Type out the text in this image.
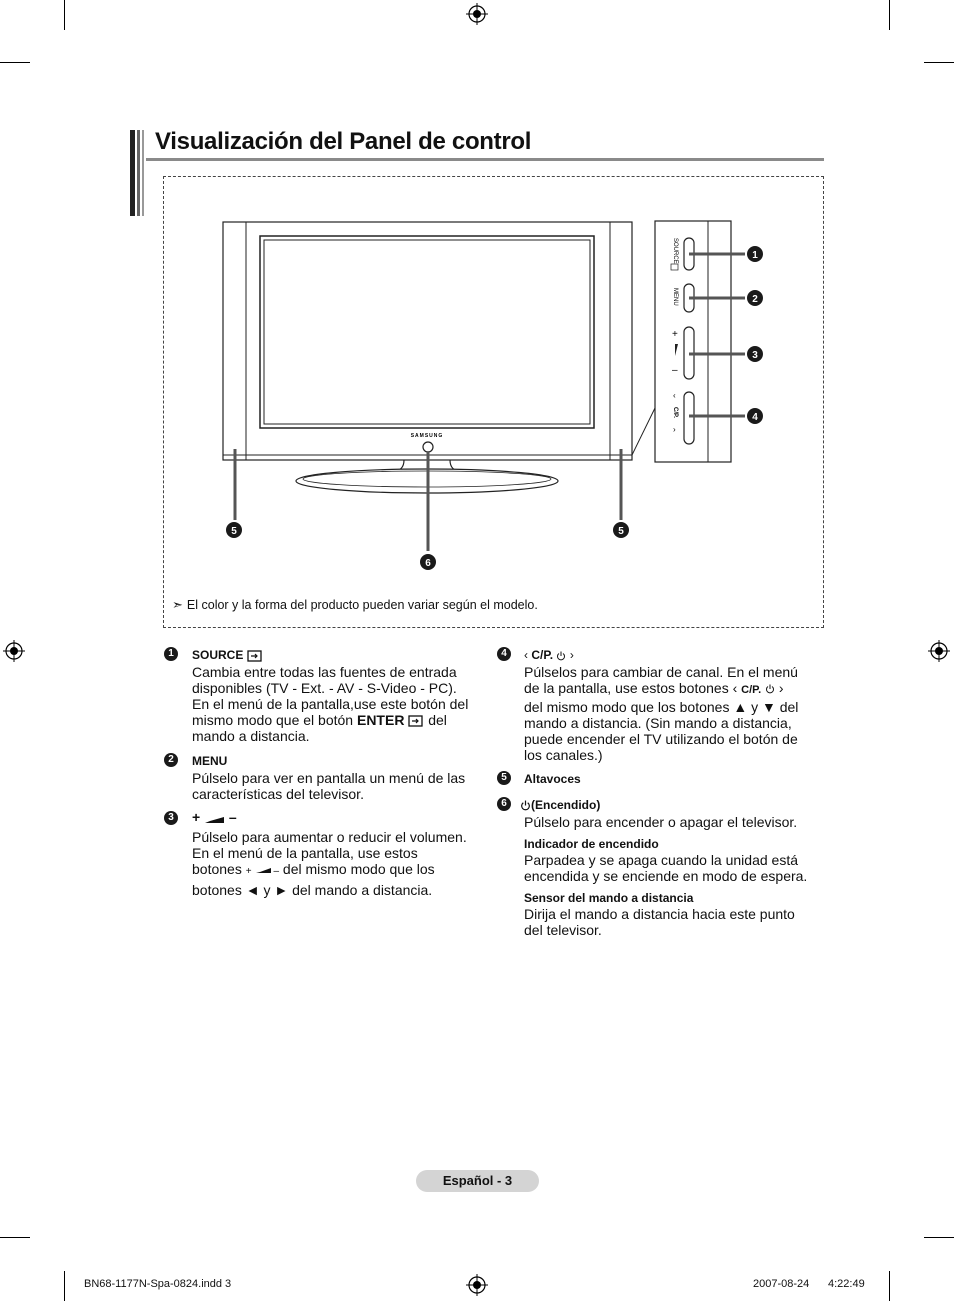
Visualización del Panel de control
SAMSUNG
5	5
6
SOURCE
MENU
+
–
‹
C/P.
›
1
2
3
4
➣ El color y la forma del producto pueden variar según el modelo.
1	SOURCE

Cambia entre todas las fuentes de entrada

disponibles (TV - Ext. - AV - S-Video - PC).

En el menú de la pantalla,use este botón del

mismo modo que el botón ENTER  del

mando a distancia.

2	MENU

Púlselo para ver en pantalla un menú de las

características del televisor.

3	+ –

Púlselo para aumentar o reducir el volumen.

En el menú de la pantalla, use estos

botones + – del mismo modo que los

botones ◄ y ► del mando a distancia.

4	‹ C/P.  ›

Púlselos para cambiar de canal. En el menú

de la pantalla, use estos botones ‹ C/P.  ›

del mismo modo que los botones ▲ y ▼ del

mando a distancia. (Sin mando a distancia,

puede encender el TV utilizando el botón de

los canales.)

5	Altavoces
6	(Encendido)

Púlselo para encender o apagar el televisor.

Indicador de encendido

Parpadea y se apaga cuando la unidad está

encendida y se enciende en modo de espera.

Sensor del mando a distancia

Dirija el mando a distancia hacia este punto

del televisor.

Español - 3
BN68-1177N-Spa-0824.indd 3	2007-08-24 4:22:49
